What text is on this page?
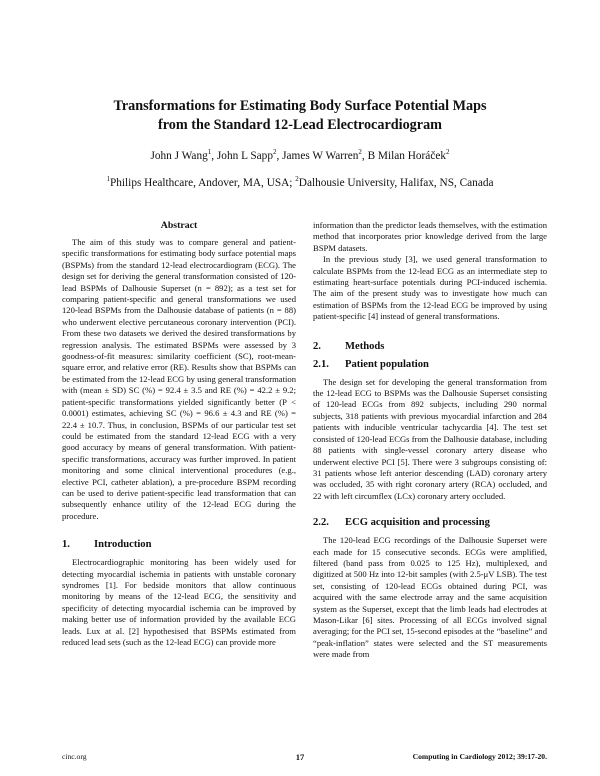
Transformations for Estimating Body Surface Potential Maps
from the Standard 12-Lead Electrocardiogram
John J Wang$^1$, John L Sapp$^2$, James W Warren$^2$, B Milan Horáček$^2$
$^1$Philips Healthcare, Andover, MA, USA; $^2$Dalhousie University, Halifax, NS, Canada
Abstract

The aim of this study was to compare general and patient-specific transformations for estimating body surface potential maps (BSPMs) from the standard 12-lead electrocardiogram (ECG). The design set for deriving the general transformation consisted of 120-lead BSPMs of Dalhousie Superset (n = 892); as a test set for comparing patient-specific and general transformations we used 120-lead BSPMs from the Dalhousie database of patients (n = 88) who underwent elective percutaneous coronary intervention (PCI). From these two datasets we derived the desired transformations by regression analysis. The estimated BSPMs were assessed by 3 goodness-of-fit measures: similarity coefficient (SC), root-mean-square error, and relative error (RE). Results show that BSPMs can be estimated from the 12-lead ECG by using general transformation with (mean ± SD) SC (%) = 92.4 ± 3.5 and RE (%) = 42.2 ± 9.2; patient-specific transformations yielded significantly better (P < 0.0001) estimates, achieving SC (%) = 96.6 ± 4.3 and RE (%) = 22.4 ± 10.7. Thus, in conclusion, BSPMs of our particular test set could be estimated from the standard 12-lead ECG with a very good accuracy by means of general transformation. With patient-specific transformations, accuracy was further improved. In patient monitoring and some clinical interventional procedures (e.g., elective PCI, catheter ablation), a pre-procedure BSPM recording can be used to derive patient-specific lead transformation that can subsequently enhance utility of the 12-lead ECG during the procedure.

1.	Introduction

Electrocardiographic monitoring has been widely used for detecting myocardial ischemia in patients with unstable coronary syndromes [1]. For bedside monitors that allow continuous monitoring by means of the 12-lead ECG, the sensitivity and specificity of detecting myocardial ischemia can be improved by making better use of information provided by the available ECG leads. Lux at al. [2] hypothesised that BSPMs estimated from reduced lead sets (such as the 12-lead ECG) can provide more

information than the predictor leads themselves, with the estimation method that incorporates prior knowledge derived from the large BSPM datasets.

In the previous study [3], we used general transformation to calculate BSPMs from the 12-lead ECG as an intermediate step to estimating heart-surface potentials during PCI-induced ischemia. The aim of the present study was to investigate how much can estimation of BSPMs from the 12-lead ECG be improved by using patient-specific [4] instead of general transformations.

2.	Methods
2.1.	Patient population

The design set for developing the general transformation from the 12-lead ECG to BSPMs was the Dalhousie Superset consisting of 120-lead ECGs from 892 subjects, including 290 normal subjects, 318 patients with previous myocardial infarction and 284 patients with inducible ventricular tachycardia [4]. The test set consisted of 120-lead ECGs from the Dalhousie database, including 88 patients with single-vessel coronary artery disease who underwent elective PCI [5]. There were 3 subgroups consisting of: 31 patients whose left anterior descending (LAD) coronary artery was occluded, 35 with right coronary artery (RCA) occluded, and 22 with left circumflex (LCx) coronary artery occluded.

2.2.	ECG acquisition and processing

The 120-lead ECG recordings of the Dalhousie Superset were each made for 15 consecutive seconds. ECGs were amplified, filtered (band pass from 0.025 to 125 Hz), multiplexed, and digitized at 500 Hz into 12-bit samples (with 2.5-μV LSB). The test set, consisting of 120-lead ECGs obtained during PCI, was acquired with the same electrode array and the same acquisition system as the Superset, except that the limb leads had electrodes at Mason-Likar [6] sites. Processing of all ECGs involved signal averaging; for the PCI set, 15-second episodes at the “baseline” and “peak-inflation” states were selected and the ST measurements were made from

cinc.org	17	Computing in Cardiology 2012; 39:17-20.
